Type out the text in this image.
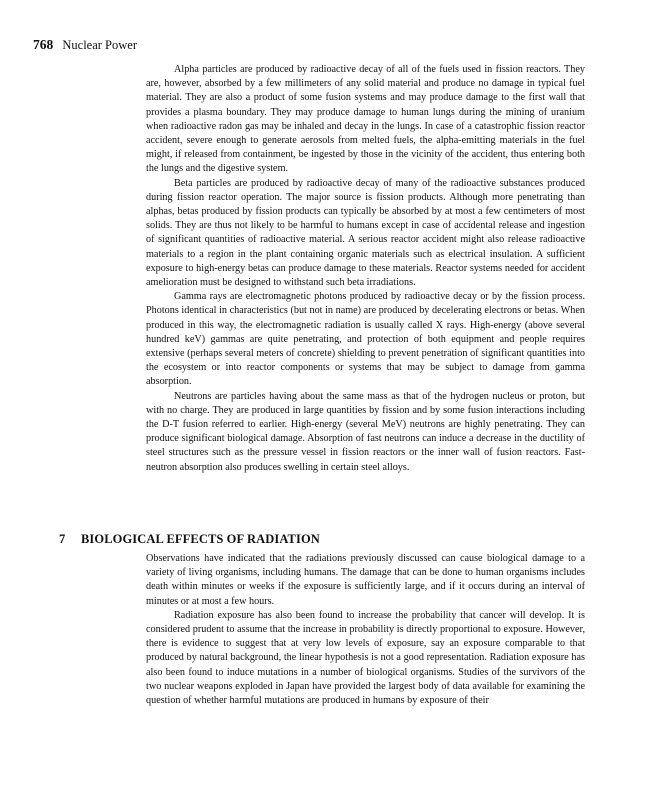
768 Nuclear Power

Alpha particles are produced by radioactive decay of all of the fuels used in fission reactors. They are, however, absorbed by a few millimeters of any solid material and produce no damage in typical fuel material. They are also a product of some fusion systems and may produce damage to the first wall that provides a plasma boundary. They may produce damage to human lungs during the mining of uranium when radioactive radon gas may be inhaled and decay in the lungs. In case of a catastrophic fission reactor accident, severe enough to generate aerosols from melted fuels, the alpha-emitting materials in the fuel might, if released from containment, be ingested by those in the vicinity of the accident, thus entering both the lungs and the digestive system.

Beta particles are produced by radioactive decay of many of the radioactive substances produced during fission reactor operation. The major source is fission products. Although more penetrating than alphas, betas produced by fission products can typically be absorbed by at most a few centimeters of most solids. They are thus not likely to be harmful to humans except in case of accidental release and ingestion of significant quantities of radioactive material. A serious reactor accident might also release radioactive materials to a region in the plant containing organic materials such as electrical insulation. A sufficient exposure to high-energy betas can produce damage to these materials. Reactor systems needed for accident amelioration must be designed to withstand such beta irradiations.

Gamma rays are electromagnetic photons produced by radioactive decay or by the fission process. Photons identical in characteristics (but not in name) are produced by decelerating electrons or betas. When produced in this way, the electromagnetic radiation is usually called X rays. High-energy (above several hundred keV) gammas are quite penetrating, and protection of both equipment and people requires extensive (perhaps several meters of concrete) shielding to prevent penetration of significant quantities into the ecosystem or into reactor components or systems that may be subject to damage from gamma absorption.

Neutrons are particles having about the same mass as that of the hydrogen nucleus or proton, but with no charge. They are produced in large quantities by fission and by some fusion interactions including the D-T fusion referred to earlier. High-energy (several MeV) neutrons are highly penetrating. They can produce significant biological damage. Absorption of fast neutrons can induce a decrease in the ductility of steel structures such as the pressure vessel in fission reactors or the inner wall of fusion reactors. Fast-neutron absorption also produces swelling in certain steel alloys.

7 BIOLOGICAL EFFECTS OF RADIATION

Observations have indicated that the radiations previously discussed can cause biological damage to a variety of living organisms, including humans. The damage that can be done to human organisms includes death within minutes or weeks if the exposure is sufficiently large, and if it occurs during an interval of minutes or at most a few hours.

Radiation exposure has also been found to increase the probability that cancer will develop. It is considered prudent to assume that the increase in probability is directly proportional to exposure. However, there is evidence to suggest that at very low levels of exposure, say an exposure comparable to that produced by natural background, the linear hypothesis is not a good representation. Radiation exposure has also been found to induce mutations in a number of biological organisms. Studies of the survivors of the two nuclear weapons exploded in Japan have provided the largest body of data available for examining the question of whether harmful mutations are produced in humans by exposure of their
